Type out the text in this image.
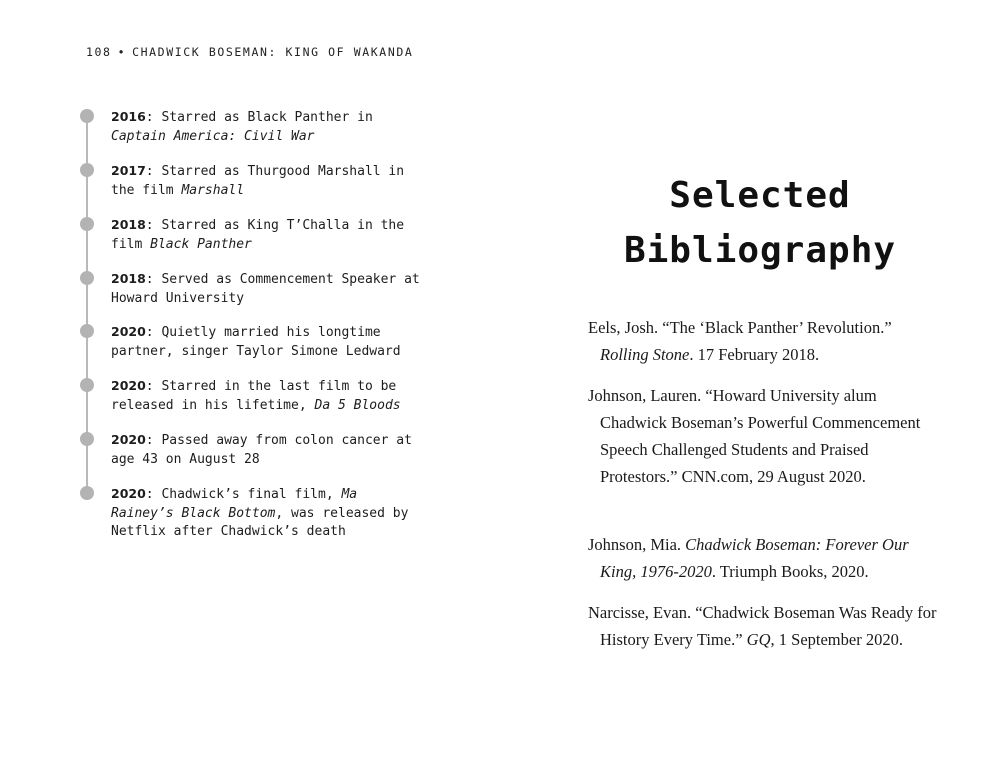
108 • CHADWICK BOSEMAN: KING OF WAKANDA
2016: Starred as Black Panther in Captain America: Civil War
2017: Starred as Thurgood Marshall in the film Marshall
2018: Starred as King T’Challa in the film Black Panther
2018: Served as Commencement Speaker at Howard University
2020: Quietly married his longtime partner, singer Taylor Simone Ledward
2020: Starred in the last film to be released in his lifetime, Da 5 Bloods
2020: Passed away from colon cancer at age 43 on August 28
2020: Chadwick’s final film, Ma Rainey’s Black Bottom, was released by Netflix after Chadwick’s death
Selected
Bibliography
Eels, Josh. “The ‘Black Panther’ Revolution.” Rolling Stone. 17 February 2018.
Johnson, Lauren. “Howard University alum Chadwick Boseman’s Powerful Commencement Speech Challenged Students and Praised Protestors.” CNN.com, 29 August 2020.
Johnson, Mia. Chadwick Boseman: Forever Our King, 1976-2020. Triumph Books, 2020.
Narcisse, Evan. “Chadwick Boseman Was Ready for History Every Time.” GQ, 1 September 2020.
